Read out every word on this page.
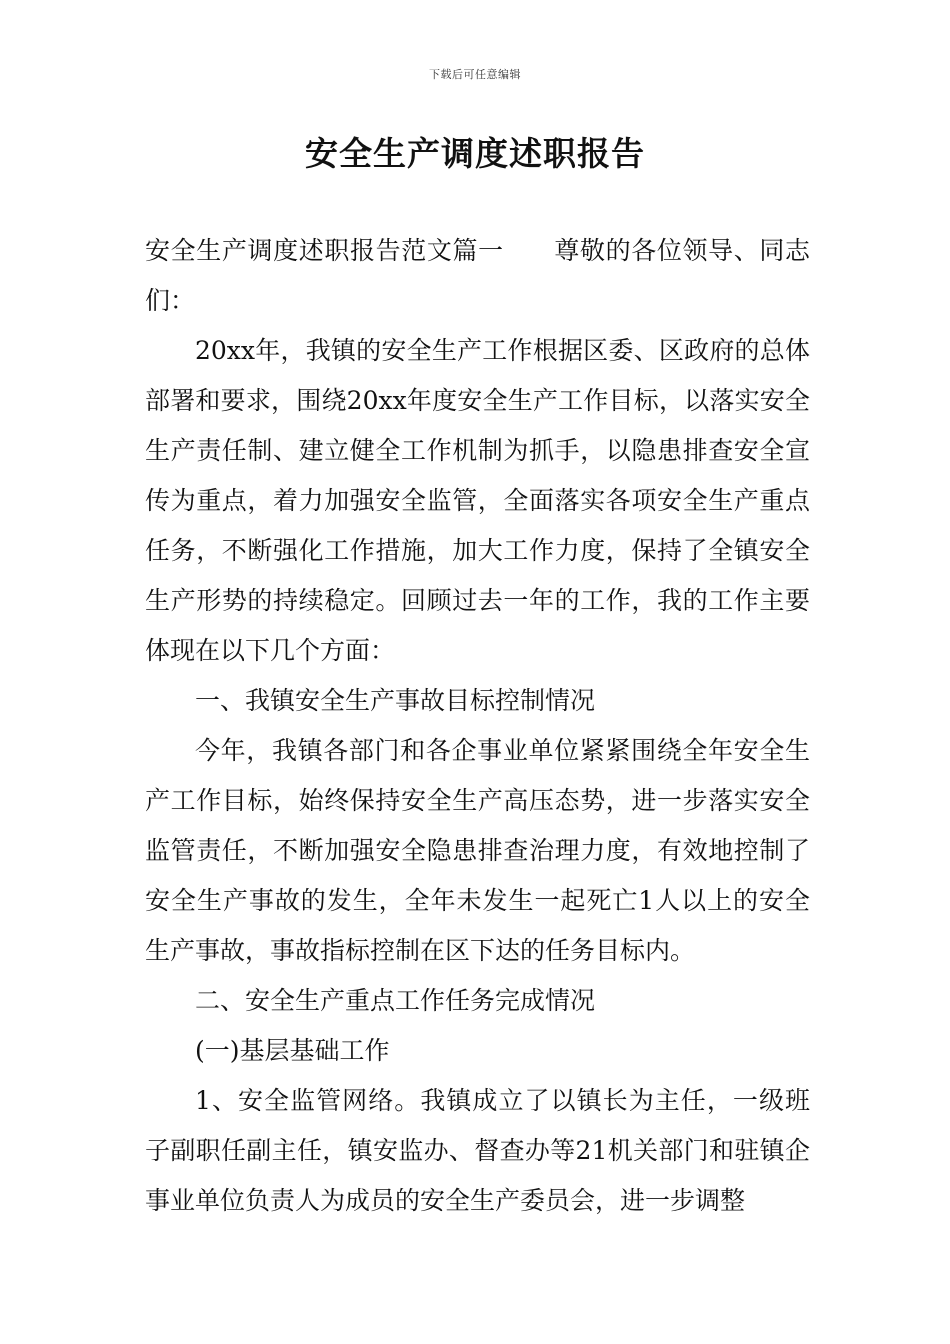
下载后可任意编辑
安全生产调度述职报告

安全生产调度述职报告范文篇一 尊敬的各位领导、同志们：

20xx年，我镇的安全生产工作根据区委、区政府的总体部署和要求，围绕20xx年度安全生产工作目标，以落实安全生产责任制、建立健全工作机制为抓手，以隐患排查安全宣传为重点，着力加强安全监管，全面落实各项安全生产重点任务，不断强化工作措施，加大工作力度，保持了全镇安全生产形势的持续稳定。回顾过去一年的工作，我的工作主要体现在以下几个方面：

一、我镇安全生产事故目标控制情况

今年，我镇各部门和各企事业单位紧紧围绕全年安全生产工作目标，始终保持安全生产高压态势，进一步落实安全监管责任，不断加强安全隐患排查治理力度，有效地控制了安全生产事故的发生，全年未发生一起死亡1人以上的安全生产事故，事故指标控制在区下达的任务目标内。

二、安全生产重点工作任务完成情况

(一)基层基础工作

1、安全监管网络。我镇成立了以镇长为主任，一级班子副职任副主任，镇安监办、督查办等21机关部门和驻镇企事业单位负责人为成员的安全生产委员会，进一步调整
